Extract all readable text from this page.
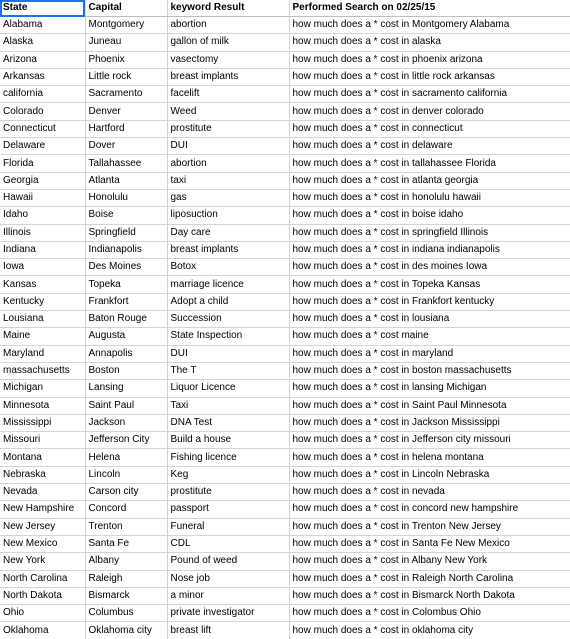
State	Capital	keyword Result	Performed Search on 02/25/15
Alabama	Montgomery	abortion	how much does a * cost in Montgomery Alabama
Alaska	Juneau	gallon of milk	how much does a * cost in alaska
Arizona	Phoenix	vasectomy	how much does a * cost in phoenix arizona
Arkansas	Little rock	breast implants	how much does a * cost in little rock arkansas
california	Sacramento	facelift	how much does a * cost in sacramento california
Colorado	Denver	Weed	how much does a * cost in denver colorado
Connecticut	Hartford	prostitute	how much does a * cost in connecticut
Delaware	Dover	DUI	how much does a * cost in delaware
Florida	Tallahassee	abortion	how much does a * cost in tallahassee Florida
Georgia	Atlanta	taxi	how much does a * cost in atlanta georgia
Hawaii	Honolulu	gas	how much does a * cost in honolulu hawaii
Idaho	Boise	liposuction	how much does a * cost in boise idaho
Illinois	Springfield	Day care	how much does a * cost in springfield Illinois
Indiana	Indianapolis	breast implants	how much does a * cost in indiana indianapolis
Iowa	Des Moines	Botox	how much does a * cost in des moines Iowa
Kansas	Topeka	marriage licence	how much does a * cost in Topeka Kansas
Kentucky	Frankfort	Adopt a child	how much does a * cost in Frankfort kentucky
Lousiana	Baton Rouge	Succession	how much does a * cost in lousiana
Maine	Augusta	State Inspection	how much does a * cost maine
Maryland	Annapolis	DUI	how much does a * cost in maryland
massachusetts	Boston	The T	how much does a * cost in boston massachusetts
Michigan	Lansing	Liquor Licence	how much does a * cost in lansing Michigan
Minnesota	Saint Paul	Taxi	how much does a * cost in Saint Paul Minnesota
Mississippi	Jackson	DNA Test	how much does a * cost in Jackson Mississippi
Missouri	Jefferson City	Build a house	how much does a * cost in Jefferson city missouri
Montana	Helena	Fishing licence	how much does a * cost in helena montana
Nebraska	Lincoln	Keg	how much does a * cost in Lincoln Nebraska
Nevada	Carson city	prostitute	how much does a * cost in nevada
New Hampshire	Concord	passport	how much does a * cost in concord new hampshire
New Jersey	Trenton	Funeral	how much does a * cost in Trenton New Jersey
New Mexico	Santa Fe	CDL	how much does a * cost in Santa Fe New Mexico
New York	Albany	Pound of weed	how much does a * cost in Albany New York
North Carolina	Raleigh	Nose job	how much does a * cost in Raleigh North Carolina
North Dakota	Bismarck	a minor	how much does a * cost in Bismarck North Dakota
Ohio	Columbus	private investigator	how much does a * cost in Colombus Ohio
Oklahoma	Oklahoma city	breast lift	how much does a * cost in oklahoma city
